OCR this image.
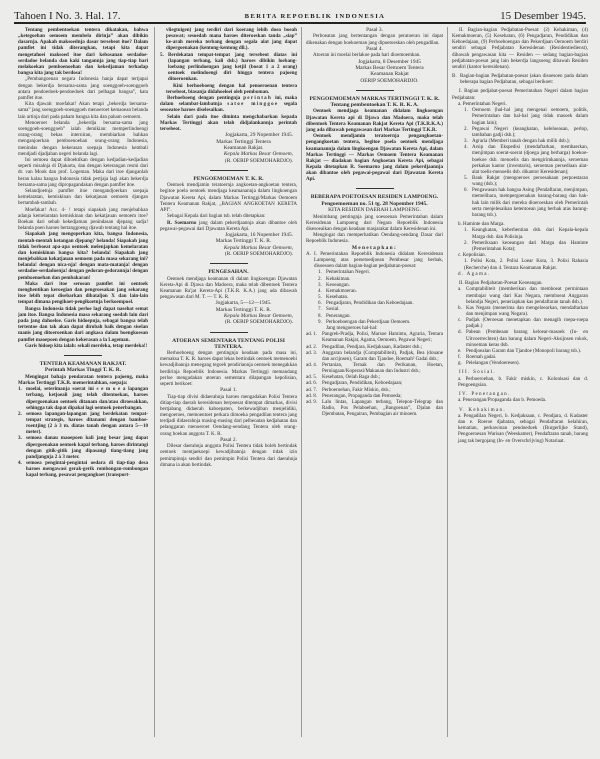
Tahoen I No. 3. Hal. 17.	BERITA REPOEBLIK INDONESIA	15 Desember 1945.

Tentang pembentoekan tentera dikatakan, bahwa „ketegoehan oemoem membela dirinja” akan dibikin dasarnja. Apakah maksoednja dasar tersebeot itoe? Dalam pamflet ini tidak diterangkan, tetapi kita dapat mengetahoei maksoed itoe dari kebosanan serdadoe-serdadoe belanda dan kaki tangannja jang tiap-tiap hari melakoekan pemboenoehan dan kekedjaman terhadap bangsa kita jang tak berdosa!

„Pembangoenan negara Indonesia hanja dapat tertjapai dengan bekerdja bersama-sama jang soenggoeh-soenggoeh antara pendoedoek-pendoedoek dari pelbagai bangsa”, kata pamflet itoe.

Kita djawab: moefakat! Akan tetapi „bekerdja bersama-sama” jang soenggoeh-soenggoeh menoeroet kemaoean belanda lain artinja dari pada paham bangsa kita dan paham oemoem.

Menoeroet belanda „bekerdja bersama-sama jang soenggoeh-soenggoeh” ialah demikian: memperlindoengi orang-orang bekas interniran, membiarkan bahkan menganjoerkan pemboenoehan orang-orang Indonesia, menindas dengan kekerasan soepaja Indonesia kembali mendjadi djadjahan negeri belanda lagi.

Ini semoea dapat diboektikan dengan kedjadian-kedjadian seperti misalnja di Djakarta, dan dengan keterangan resmi dari dr. van Mook dan prof. Logeman. Maka dari itoe djanganlah heran kalau bangsa Indonesia tidak pertjaja lagi akan bekerdja bersama-sama jang dipropagandakan dengan pamflet itoe.

Selandjoetnja pamflet itoe mengandjoerkan soepaja kemelaratan, kemiskinan dan kekatjauan oemoem djangan bertambah-tambah.

Moefakat! Acc. 4- ! tetapi siapakah jang menjebabkan adanja kemelaratan kemiskinan dan kekatjauan oemoem itoe? Boekan dari sebab kekedjaman penindasan djepang sadja! belanda poen haroes bertanggoeng djawab tentang hal itoe.

Siapakah jang mengoperkan kita, bangsa Indonesia, mentah-mentah ketangan djepang? belanda! Siapakah jang tidak berboeat apa-apa oentoek melenjapkan kemelaratan dan kemiskinan bangsa kita? belanda! Siapakah jang menjebabkan kekatjauan oemoem pada masa sekarang ini? belanda! dengan nica-nja! dengan mata-matanja! dengan serdadoe-serdadoenja! dengan gedoran-gedorannja! dengan pemboenoehan dan pembakaran!

Maka dari itoe seroean pamflet ini oentoek menghentikan keroegian dan pengroesakan jang sekarang itoe lebih tepat disebarkan dibataljon X dan lain-lain tempat dimana pengikoet-pengikoetnja berkoempoel.

Bangsa Indonesia tidak perloe lagi dapat nasehat semat jam itoe. Bangsa Indonesia masa sekarang soedah lain dari pada jang dahoeloe. Garis hidoepnja, sebagai bangsa telah tertentoe dan tak akan dapat dirobah baik dengan siselan manis jang ditoeroenkan dari angkasa dalam boengkoesan pamflet maoepoen dengan kekerasan a la Logeman.

Garis hidoep kita ialah: sekali merdeka, tetap merdeka!!

TENTERA KEAMANAN RAKJAT.

Perintah Markas Tinggi T. K. R.

Mengingat bahaja pendaratan tentera pajoeng, maka Markas Tertinggi T.K.R. memerintahkan, soepaja:

1. moelai, seterimanja soerat ini s e m o e a lapangan terbang, ketjoeali jang telah ditentoekan, haroes dipergoenakan oentoek ditanam dan/atau diroesakkan, sehingga tak dapat dipakai lagi oentoek penerbangan.
2. semoea lapangan-lapangan jang berdekatan tempat-tempat strategis, haroes ditanami dengan bamboe-roentjing (2 à 3 m. diatas tanah dengan antara 5—10 meter).
3. semoea danau maoepoen kali jang besar jang dapat dipergoenakan oentoek kapal terbang, haroes dirintangi dengan gitik-gitik jang dipasangi tiang-tiang jang pandjangnja 2 à 3 meter.
4. semoea pengintai-pengintai oedara di tiap-tiap desa haroes mengawasi gerak-gerik rombongan-rombongan kapal terbang, pesawat pengangkoet (transport-

vliegtuigen) jang terdiri dari koerang lebih doea boeah pesawat; sesoedah mana haroes diteroeskan tanda „siap” ke-arah mereka terbang dengan segala alat jang dapat dipergoenakan (kentong-kentong dll.).

5. Berdekatan tempat-tempat jang tersebeot diatas ini (lapangan terbang, kali dsb.) haroes dibikin loebang-loebang perlindoengan jang ketjil (boeat 1 a 2 orang) oentoek melindoengi diri hingga tentera pajoeng ditoeroenkan.

Kini berhoeboeng dengan hal penoeroenan tentera tersebeot, biasanja didahoeloei oleh pemboman.

Berhoeboeng dengan pentingnja perintah ini, maka dalam selambat-lambatnja satoe minggoe segala sesoeatoe haroes diselesaikan.

Selain dari pada itoe diminta mengchabarkan kepada Markas Tertinggi akan telah didjalankannja perintah tersebeot.

Jogjakarta, 29 Nopember 1945.

Markas Tertinggi Tentera

Keamanan Rakjat.

Kepala Markas Besar Oemoem,

(R. OERIP SOEMOHARDJO).

PENGOEMOEMAN T. K. R.

Oentoek mendjamin teratoernja angkoetan-angkoetan tentera, begitoe poela oentoek mendjaga keamanannja dalam lingkoengan Djawatan Kereta Api, dalam Markas Tertinggi/Markas Oemoem Tentera Keamanan Rakjat, „BAGIAN ANGKOETAN KERETA API”.

Sebagai Kepala dari bagian tsb. telah ditetapkan:

R. Soemarno jang dalam pekerdjaannja akan dibantoe oleh pegawai-pegawai dari Djawatan Kereta Api.

Jogjakarta, 16 Nopember 1945.

Markas Tertinggi T. K. R.

Kepala Markas Besar Oemoem,

(R. OERIP SOEMOHARDJO).

PENGESAHAN.

Oentoek mendjaga keamanan di dalam lingkoengan Djawatan Kereta-Api di Djawa dan Madoera, maka telah dibentoek Tentera Keamanan Ra'jat Kereta-Api (T.K.R. K.A.) jang ada dibawah pengawasan dari M. T. — T. K. R.

Jogjakarta, 5—12—1945.

Markas Tertinggi T. K. R.

Kepala Markas Besar Oemoem,

(R. OERIP SOEMOHARDJO).

ATOERAN SEMENTARA TENTANG POLISI TENTERA.

Berhoeboeng dengan gentingnja keadaan pada masa ini, memaksa T. K. R. haroes dapat lekas bertindak oentoek memenoehi kewadjibannja menegang tegoeh pendiriannja oentoek menegakkan berdirinja Repoeblik Indonesia. Markas Tertinggi memandang perloe mengadakan atoeran sementara dilapangan kepolisian, seperti berikoet:

Pasal 1.

Tiap-tiap divisi didaerahnja haroes mengadakan Polisi Tentera ditiap-tiap daerah keresidenan berpoesat ditempat dimarkas, divisi bertjabang didaerah kaboepaten, berkewadjiban menjelidiki, mengoeroes, memoentoet perkara dimoeka pengadilan tentera jang terdjadi didaerahnja masing-masing dari pelbeoatan kedjahatan dan pelanggaran menoeroet Oendang-oendang Tentera oleh orang-orang boekan anggota T. K. R.

Pasal 2.

Dilesar daerahnja anggota Polisi Tentera tidak boleh bertindak oentoek mentjaekoepi kewadjibannja dengan tidak izin pemimpinnja sendiri dan pemimpin Polisi Tentera dari daerahnja dimana ia akan bertindak.

Pasal 3.

Perboeatan jang bertentangan dengan peratoeran ini dapat dikenakan dengan hoekoeman jang dipoetoeskan oleh pengadilan.

Pasal 4.

Atoeran ini moelai berlakoe pada hari dioemoemkan.

Jogjakarta, 8 Desember 1945

Markas Besar Oemoem Tentera

Keamanan Rakjat

OERIP SOEMOHARDJO.

PENGOEMOEMAN MARKAS TERTINGGI T. K. R.

Tentang pembentoekan T. K. R. K. A.

Oentoek mendjaga keamanan didalam lingkoengan Djawatan Kereta api di Djawa dan Madoera, maka telah dibentoek Tentera Keamanan Rakjat Kereta Api (T.K.R.K.A.) jang ada dibawah pengawasan dari Markas Tertinggi T.K.R.

Oentoek mendjamin teratoernja pengangkoetan-pengangkoetan tentera, begitoe poela oentoek mendjaga keamanannja dalam lingkoengan Djawatan Kereta Api, dalam Markas Tertinggi — Markas Oemoem Tentera Keamanan Rakjat — diadakan bagian Angkoetan Kereta Api, sebagai Kepala ditetapkan R. Soemarno jang dalam pekerdjaannja akan dibantoe oleh pegawai-pegawai dari Djawatan Kereta Api.

BEBERAPA POETOESAN RESIDEN LAMPOENG.

Pengoemoeman no. 51 tg. 28 Nopember 1945.

KITA RESIDEN DAERAH LAMPOENG.

Menimbang pentingnja jang soesoenan Pemerintahan dalam Keresidenan Lampoeng dari Negara Repoeblik Indonesia disesoeaikan dengan keadaan masjarakat dalam Keresidenan ini.

Mengingat dan memperhatikan Oendang-oendang Dasar dari Repoeblik Indonesia.

Menetapkan:

A. I. Pemerintahan Repoeblik Indonesia didalam Keresidenan Lampoeng atas persetoedjoean Pembesar jang berhak, disoesoen dalam bagian-bagian pedjabatan-poesat:
1. Pemerintahan Negeri.
2. Kehakiman.
3. Keoeangan.
4. Kemakmoeran.
5. Kesehatan.
6. Pengadjaran, Pendidikan dan Keboedajaan.
7. Sosial.
8. Penerangan.
9. Perhoeboengan dan Pekerdjaan Oemoem.

Jang mengoeroes hal-hal:

ad. 1. Pangreh-Pradja, Polisi, Marsoe Hamintu, Agraria, Tentara Keamanan Rakjat, Agama, Oemoem, Pegawai Negeri;
ad. 2. Pengadilan, Pendjara, Kedjaksaan, Kadaster dsb.;
ad. 3. Anggaran belandja (Comptabiliteit), Padjak, Bea (douane dan accijnsen), Garam dan Tjandoe, Roemah² Gadai dsb.;
ad. 4. Pertanian, Ternak dan Perikanan, Hoetan, Perniagaan/Koperasi/Makanan dan Industri dsb.;
ad. 5. Kesehatan, Oelah Raga dsb.;
ad. 6. Pengadjaran, Pendidikan, Keboedajaan;
ad. 7. Perboeroehan, Fakir Miskin, dsb.;
ad. 8. Penerangan, Propaganda dan Pemoeda;
ad. 9. Lalu lintas, Lapangan terbang, Telepon-Telegrap dan Radio, Pos Pelaboehan, „Bangoenan”, Djalan dan Djembatan, Pengairan, Pembagian air minoem.

II. Bagian-bagian Pedjabatan-Poesat: (2) Kehakiman, (4) Kemakmoeran, (5) Kesehatan, (6) Pengadjaran, Pendidikan dan Keboedajaan, (9) Perhoeboengan dan Pekerdjaan Oemoem berdiri sendiri sebagai Pedjabatan Keresidenan (Residentiedienst), dibawah pengawasan kita — Residen — sedang bagian-bagian pedjabatan-poesat jang lain bekerdja langsoeng dibawah Residen sendiri (kantor keresidenan).

B. Bagian-bagian Pedjabatan-poesat (akan disoesoen pada dalam beberapa bagian Pedjabatan, sebagai berikoet:

I. Bagian pedjabat-poesat Pemerintahan Negeri dalam bagian Pedjabatan:

a. Pemerintahan Negeri.

1. Oemoem (hal-hal jang mengenai oemoem, politik, Pemerintahan dan hal-hal jang tidak masoek dalam bagian lain);
2. Pegawai Negeri (keangkatan, keleloeasan, perlop, tambahan gadji dsb.);
3. Agraria (Memberi tanah dengan hak milik dsb.);
4. Arsip dan Ekspedisi (mendaftarkan, membaerkan, menjimpan soerat-soerat (djoega jang berharga) boekoe-boekoe dsb. menoelis dan mengirimkannja, seroeman perkakas kantor (inventaris), seroeman persediaan alat-alat toelis-menoelis dsb. dikantor Keresidenan);
5. Bank Rakjat (mengoeroes peroesahaan perpoestaran wang (dsb.);
6. Pengawasan hak bangsa Asing (Pendaftaran, menjimpan, memelihara, mempergoenakan barang-barang dan hak-hak lain milik dari mereka dioeroeskan oleh Pemerintah serta menjelesaikan ketentoean jang berhak atas barang-barang tsb.).

b. Haminte dan Marga.

1. Keangkatan, keberhentian dsb. dari Kepala-kepala Marga dsb. dan Polisinja.
2. Pemeriksaan keoeangan dari Marga dan Haminte (Pemerintahan Kota);

c. Kepolisian.

1. Polisi Kota, 2. Polisi Loear Kota, 3. Polisi Rahasia (Recherche) dan 4. Tentara Keamanan Rakjat.

d. Agama.

II. Bagian Pedjabatan-Poesat Keoeangan.

a. Comptabiliteit (memberikan dan memboeat permintaan membajar wang dari Kas Negara, memboeat Anggaran belandja Negeri, peneriapkan kas pendaftaran tanah dsb.).
b. Kas Negara (menerima dan mengeloearkan, mendaftarkan dan menjimpan wang Negara).
c. Padjak (Oeroesan menetapkan dan menagih roepa-roepa padjak.)
d. Pabean (Pembeaan barang keloear-masoek (In- en Uitvoerrechten) dan barang dalam Negeri-Aksijnsen rokok, minoeman keras dsb.
e. Pendjoealan Garam dan Tjandoe (Monopoli barang tsb.).
f. Roemah gadai.
g. Pelelangan (Vendoeresen).

III. Sosial.

a. Perboeroehan, b. Fakir miskin, c. Kolonisasi dan d. Pengoengsian.

IV. Penerangan.

a. Penerangan/Propaganda dan b. Pemoeda.

V. Kehakiman.

a. Pengadilan Negeri, b. Kedjaksaan, c. Pendjara, d. Kadaster dan e. Roeroe djabatan, sebagai Pendaftaran kelahiran, kematian, perkawinan pendoedoek (Burgerlijke Stand), Pengoeroesan Warisan (Weeskamer), Pendaftaran tanah, barang jang tak bergojang (In- en Overschrijving) Notariaat.
